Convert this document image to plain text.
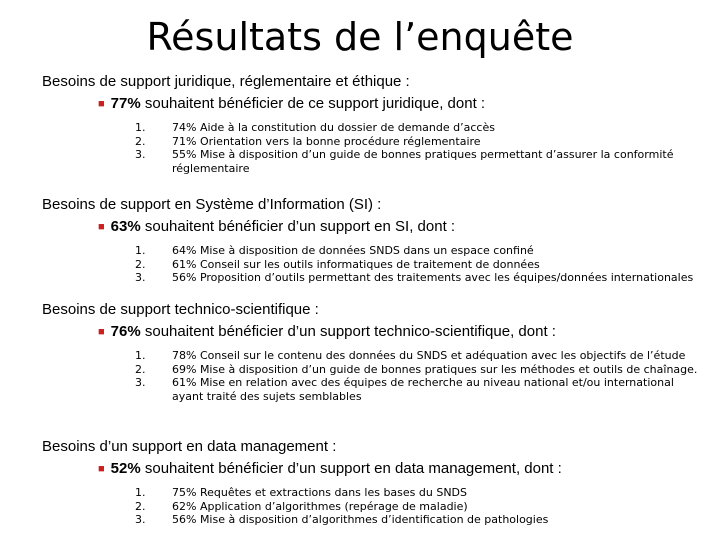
Résultats de l’enquête
Besoins de support juridique, réglementaire et éthique :
■ 77% souhaitent bénéficier de ce support juridique, dont :
1.	74% Aide à la constitution du dossier de demande d’accès
2.	71% Orientation vers la bonne procédure réglementaire
3.	55% Mise à disposition d’un guide de bonnes pratiques permettant d’assurer la conformité réglementaire
Besoins de support en Système d’Information (SI) :
■ 63% souhaitent bénéficier d’un support en SI, dont :
1.	64% Mise à disposition de données SNDS dans un espace confiné
2.	61% Conseil sur les outils informatiques de traitement de données
3.	56% Proposition d’outils permettant des traitements avec les équipes/données internationales
Besoins de support technico-scientifique :
■ 76% souhaitent bénéficier d’un support technico-scientifique, dont :
1.	78% Conseil sur le contenu des données du SNDS et adéquation avec les objectifs de l’étude
2.	69% Mise à disposition d’un guide de bonnes pratiques sur les méthodes et outils de chaînage.
3.	61% Mise en relation avec des équipes de recherche au niveau national et/ou international ayant traité des sujets semblables
Besoins d’un support en data management :
■ 52% souhaitent bénéficier d’un support en data management, dont :
1.	75% Requêtes et extractions dans les bases du SNDS
2.	62% Application d’algorithmes (repérage de maladie)
3.	56% Mise à disposition d’algorithmes d’identification de pathologies
